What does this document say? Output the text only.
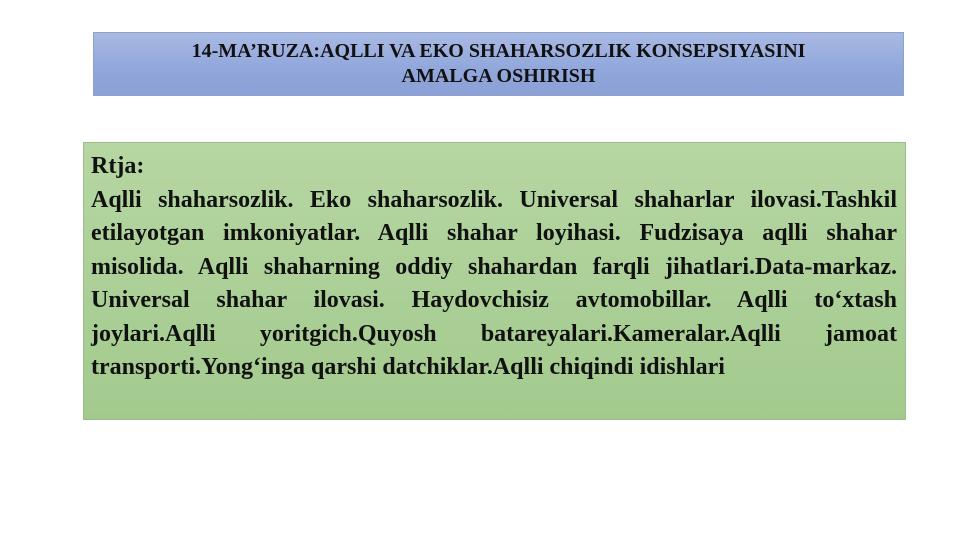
14-MA’RUZA:AQLLI VA EKO SHAHARSOZLIK KONSEPSIYASINI
AMALGA OSHIRISH
Rtja:

Aqlli shaharsozlik. Eko shaharsozlik. Universal shaharlar ilovasi.Tashkil etilayotgan imkoniyatlar. Aqlli shahar loyihasi. Fudzisaya aqlli shahar misolida. Aqlli shaharning oddiy shahardan farqli jihatlari.Data-markaz. Universal shahar ilovasi. Haydovchisiz avtomobillar. Aqlli to‘xtash joylari.Aqlli yoritgich.Quyosh batareyalari.Kameralar.Aqlli jamoat transporti.Yong‘inga qarshi datchiklar.Aqlli chiqindi idishlari
